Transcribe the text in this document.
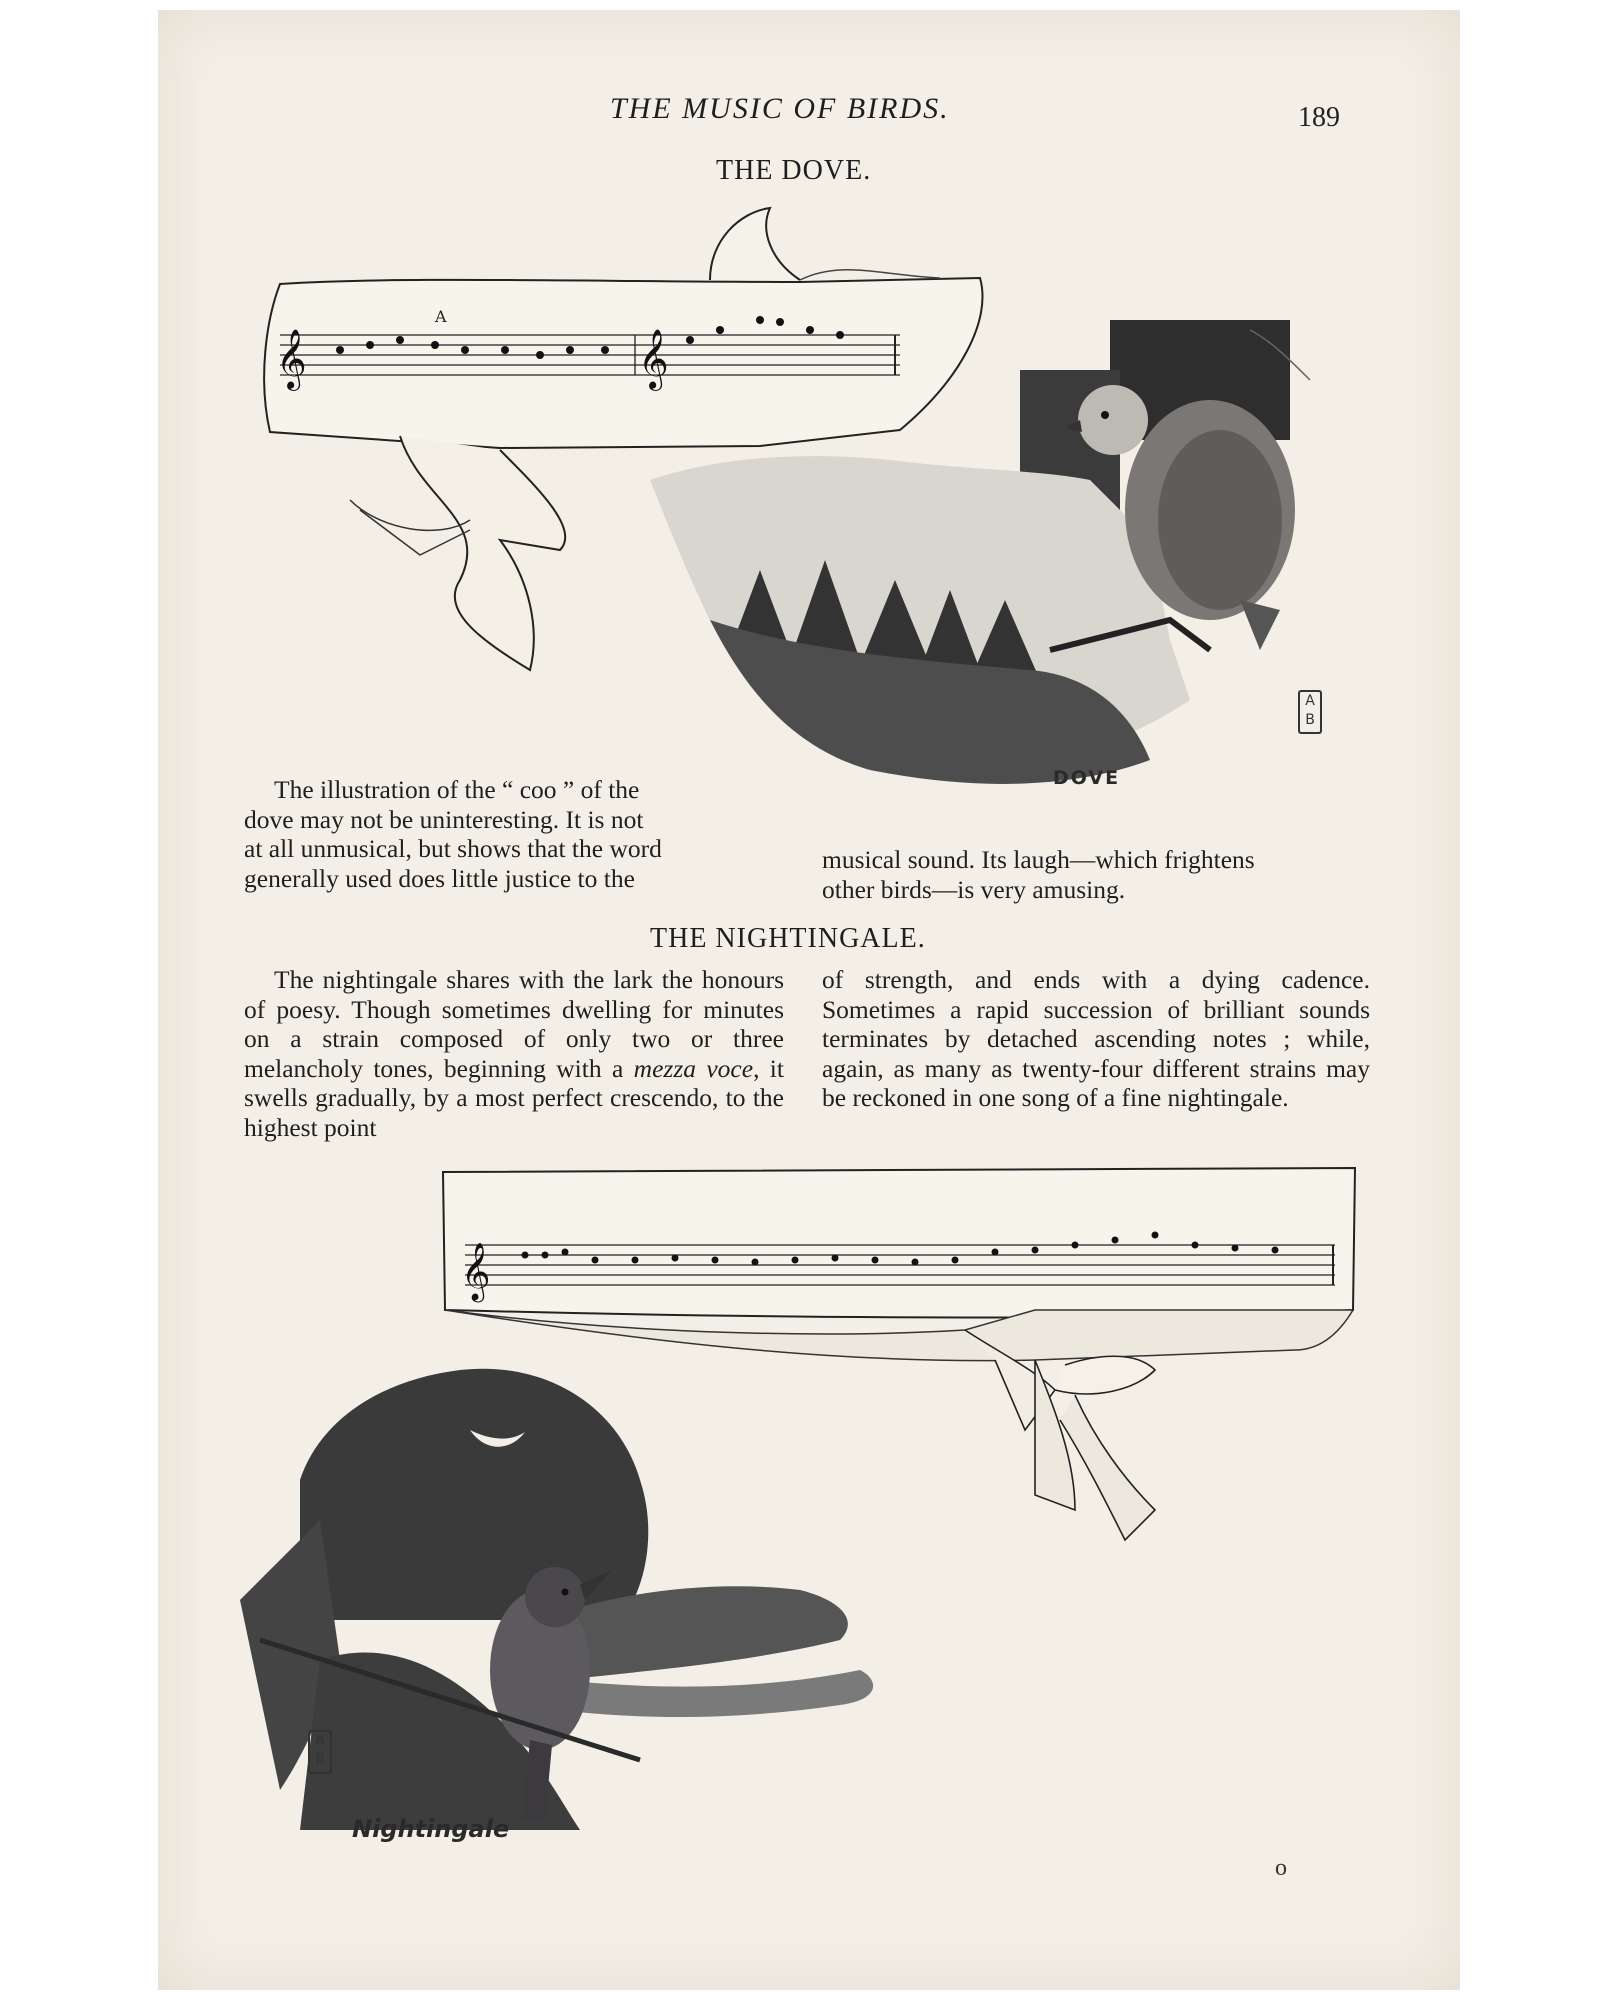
THE MUSIC OF BIRDS.	189
THE DOVE.
𝄞	𝄞
A
A
B
DOVE
The illustration of the “ coo ” of the
dove may not be uninteresting. It is not
at all unmusical, but shows that the word
generally used does little justice to the
musical sound. Its laugh—which frightens
other birds—is very amusing.
THE NIGHTINGALE.

The nightingale shares with the lark the honours of poesy. Though sometimes dwelling for minutes on a strain composed of only two or three melancholy tones, beginning with a mezza voce, it swells gradually, by a most perfect crescendo, to the highest point

of strength, and ends with a dying cadence. Sometimes a rapid succession of brilliant sounds terminates by detached ascending notes ; while, again, as many as twenty-four different strains may be reckoned in one song of a fine nightingale.

𝄞
A
B
Nightingale
o
